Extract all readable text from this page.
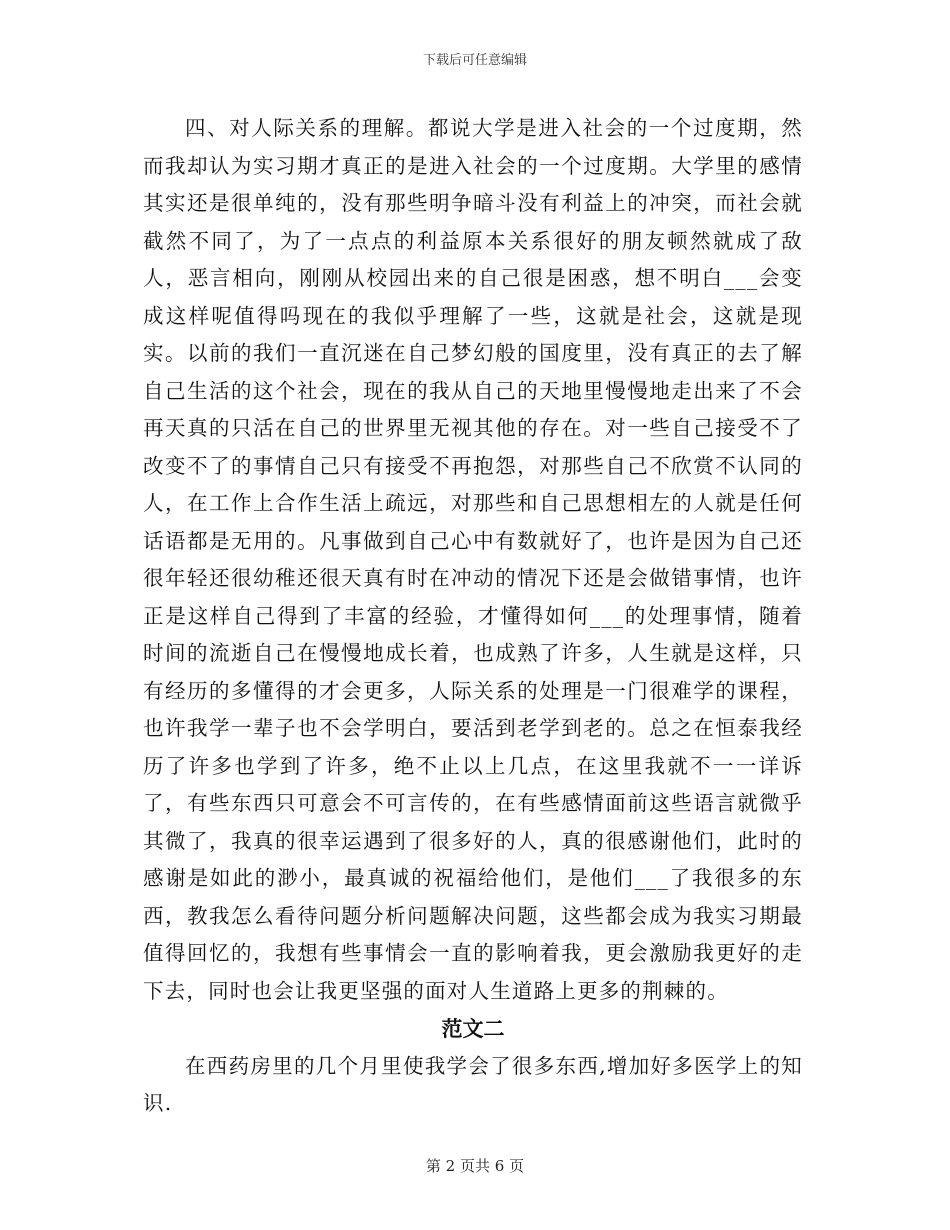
下载后可任意编辑

四、对人际关系的理解。都说大学是进入社会的一个过度期，然而我却认为实习期才真正的是进入社会的一个过度期。大学里的感情其实还是很单纯的，没有那些明争暗斗没有利益上的冲突，而社会就截然不同了，为了一点点的利益原本关系很好的朋友顿然就成了敌人，恶言相向，刚刚从校园出来的自己很是困惑，想不明白___会变成这样呢值得吗现在的我似乎理解了一些，这就是社会，这就是现实。以前的我们一直沉迷在自己梦幻般的国度里，没有真正的去了解自己生活的这个社会，现在的我从自己的天地里慢慢地走出来了不会再天真的只活在自己的世界里无视其他的存在。对一些自己接受不了改变不了的事情自己只有接受不再抱怨，对那些自己不欣赏不认同的人，在工作上合作生活上疏远，对那些和自己思想相左的人就是任何话语都是无用的。凡事做到自己心中有数就好了，也许是因为自己还很年轻还很幼稚还很天真有时在冲动的情况下还是会做错事情，也许正是这样自己得到了丰富的经验，才懂得如何___的处理事情，随着时间的流逝自己在慢慢地成长着，也成熟了许多，人生就是这样，只有经历的多懂得的才会更多，人际关系的处理是一门很难学的课程，也许我学一辈子也不会学明白，要活到老学到老的。总之在恒泰我经历了许多也学到了许多，绝不止以上几点，在这里我就不一一详诉了，有些东西只可意会不可言传的，在有些感情面前这些语言就微乎其微了，我真的很幸运遇到了很多好的人，真的很感谢他们，此时的感谢是如此的渺小，最真诚的祝福给他们，是他们___了我很多的东西，教我怎么看待问题分析问题解决问题，这些都会成为我实习期最值得回忆的，我想有些事情会一直的影响着我，更会激励我更好的走下去，同时也会让我更坚强的面对人生道路上更多的荆棘的。

范文二

在西药房里的几个月里使我学会了很多东西,增加好多医学上的知识.

第 2 页共 6 页
